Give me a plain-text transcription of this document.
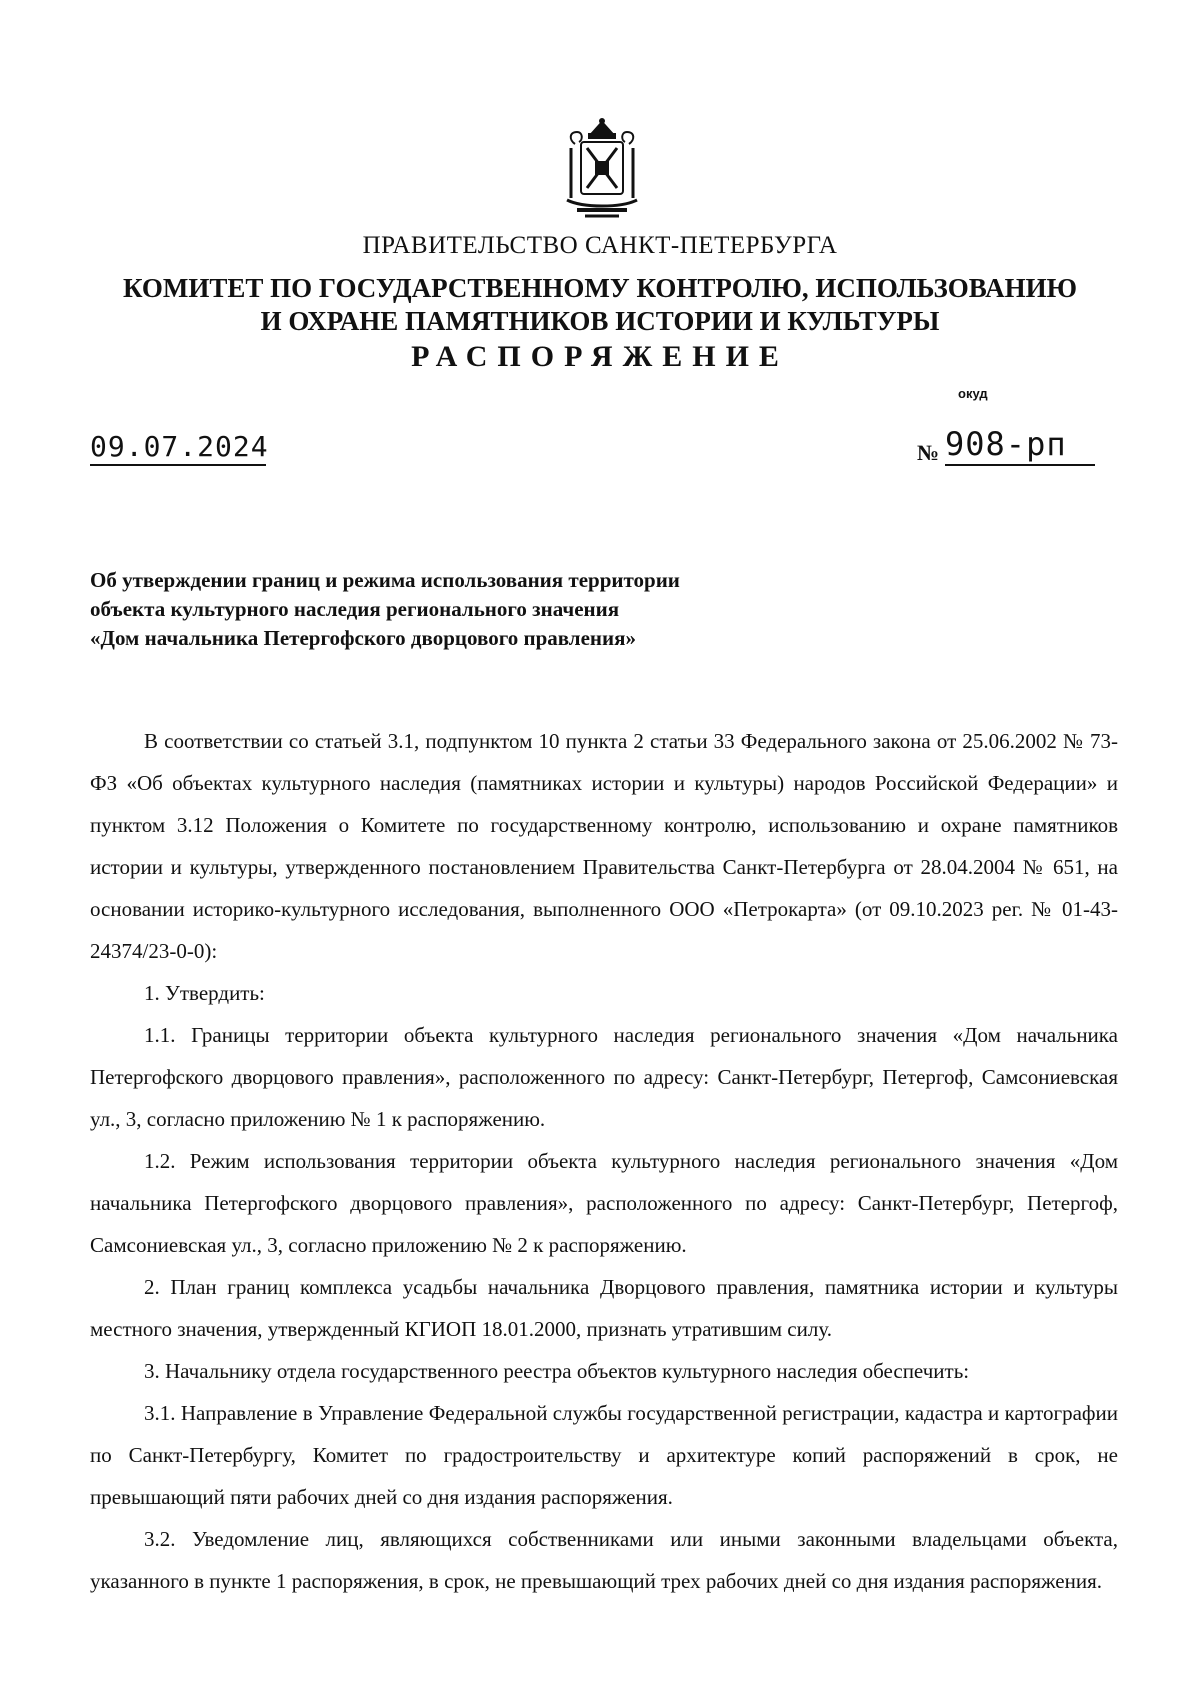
ПРАВИТЕЛЬСТВО САНКТ-ПЕТЕРБУРГА
КОМИТЕТ ПО ГОСУДАРСТВЕННОМУ КОНТРОЛЮ, ИСПОЛЬЗОВАНИЮ
И ОХРАНЕ ПАМЯТНИКОВ ИСТОРИИ И КУЛЬТУРЫ
РАСПОРЯЖЕНИЕ
окуд
09.07.2024	№ 908-рп
Об утверждении границ и режима использования территории
объекта культурного наследия регионального значения
«Дом начальника Петергофского дворцового правления»

В соответствии со статьей 3.1, подпунктом 10 пункта 2 статьи 33 Федерального закона от 25.06.2002 № 73-ФЗ «Об объектах культурного наследия (памятниках истории и культуры) народов Российской Федерации» и пунктом 3.12 Положения о Комитете по государственному контролю, использованию и охране памятников истории и культуры, утвержденного постановлением Правительства Санкт-Петербурга от 28.04.2004 № 651, на основании историко-культурного исследования, выполненного ООО «Петрокарта» (от 09.10.2023 рег. № 01-43-24374/23-0-0):

1. Утвердить:

1.1. Границы территории объекта культурного наследия регионального значения «Дом начальника Петергофского дворцового правления», расположенного по адресу: Санкт-Петербург, Петергоф, Самсониевская ул., 3, согласно приложению № 1 к распоряжению.

1.2. Режим использования территории объекта культурного наследия регионального значения «Дом начальника Петергофского дворцового правления», расположенного по адресу: Санкт-Петербург, Петергоф, Самсониевская ул., 3, согласно приложению № 2 к распоряжению.

2. План границ комплекса усадьбы начальника Дворцового правления, памятника истории и культуры местного значения, утвержденный КГИОП 18.01.2000, признать утратившим силу.

3. Начальнику отдела государственного реестра объектов культурного наследия обеспечить:

3.1. Направление в Управление Федеральной службы государственной регистрации, кадастра и картографии по Санкт-Петербургу, Комитет по градостроительству и архитектуре копий распоряжений в срок, не превышающий пяти рабочих дней со дня издания распоряжения.

3.2. Уведомление лиц, являющихся собственниками или иными законными владельцами объекта, указанного в пункте 1 распоряжения, в срок, не превышающий трех рабочих дней со дня издания распоряжения.
